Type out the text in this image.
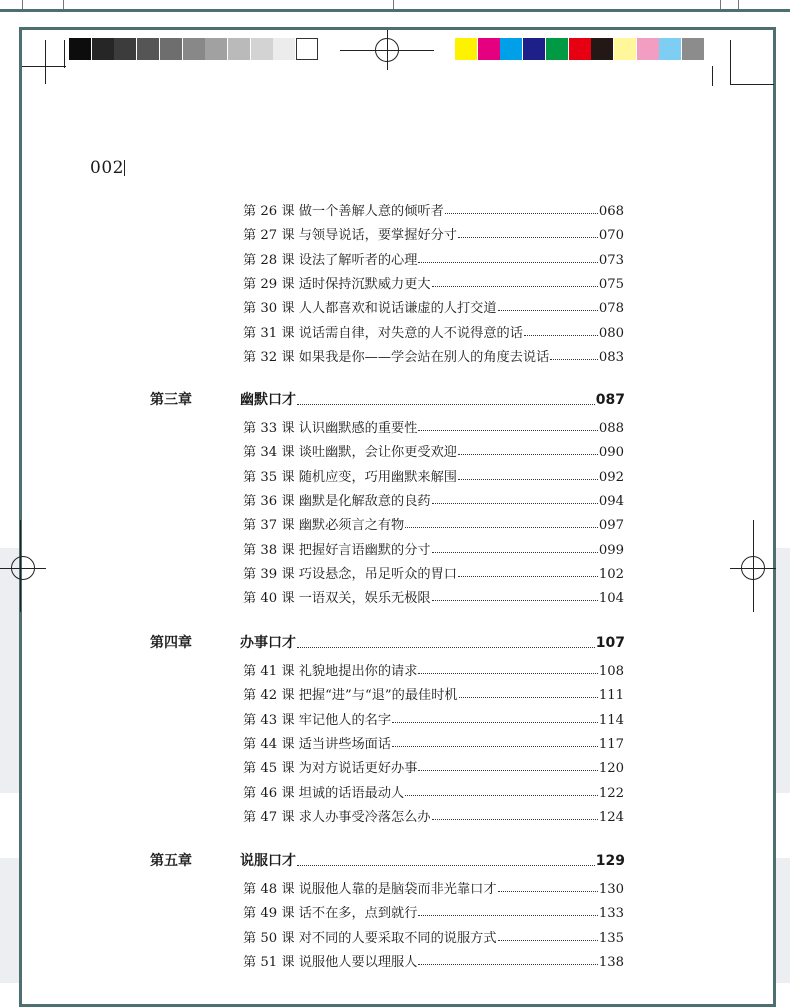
002
第 26 课 做一个善解人意的倾听者	068
第 27 课 与领导说话，要掌握好分寸	070
第 28 课 设法了解听者的心理	073
第 29 课 适时保持沉默威力更大	075
第 30 课 人人都喜欢和说话谦虚的人打交道	078
第 31 课 说话需自律，对失意的人不说得意的话	080
第 32 课 如果我是你——学会站在别人的角度去说话	083
第三章	幽默口才	087
第 33 课 认识幽默感的重要性	088
第 34 课 谈吐幽默，会让你更受欢迎	090
第 35 课 随机应变，巧用幽默来解围	092
第 36 课 幽默是化解敌意的良药	094
第 37 课 幽默必须言之有物	097
第 38 课 把握好言语幽默的分寸	099
第 39 课 巧设悬念，吊足听众的胃口	102
第 40 课 一语双关，娱乐无极限	104
第四章	办事口才	107
第 41 课 礼貌地提出你的请求	108
第 42 课 把握“进”与“退”的最佳时机	111
第 43 课 牢记他人的名字	114
第 44 课 适当讲些场面话	117
第 45 课 为对方说话更好办事	120
第 46 课 坦诚的话语最动人	122
第 47 课 求人办事受冷落怎么办	124
第五章	说服口才	129
第 48 课 说服他人靠的是脑袋而非光靠口才	130
第 49 课 话不在多，点到就行	133
第 50 课 对不同的人要采取不同的说服方式	135
第 51 课 说服他人要以理服人	138
